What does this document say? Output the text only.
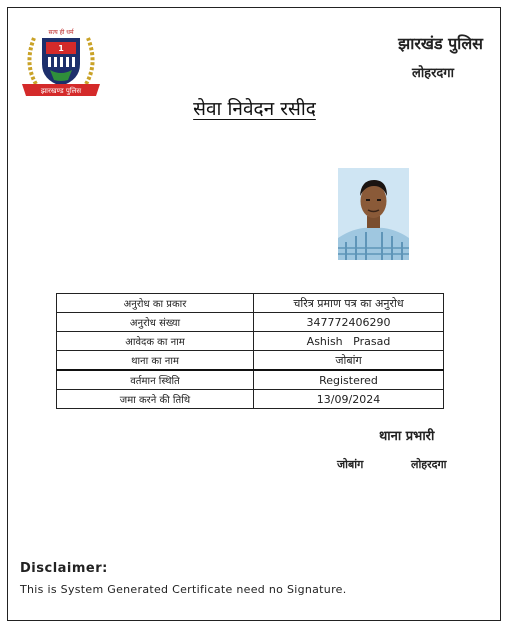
सत्य ही धर्म
1
झारखण्ड पुलिस
झारखंड पुलिस
लोहरदगा
सेवा निवेदन रसीद
अनुरोध का प्रकार	चरित्र प्रमाण पत्र का अनुरोध
अनुरोध संख्या	347772406290
आवेदक का नाम	Ashish   Prasad
थाना का नाम	जोबांग
वर्तमान स्थिति	Registered
जमा करने की तिथि	13/09/2024
थाना प्रभारी
जोबांग	लोहरदगा
Disclaimer:
This is System Generated Certificate need no Signature.
